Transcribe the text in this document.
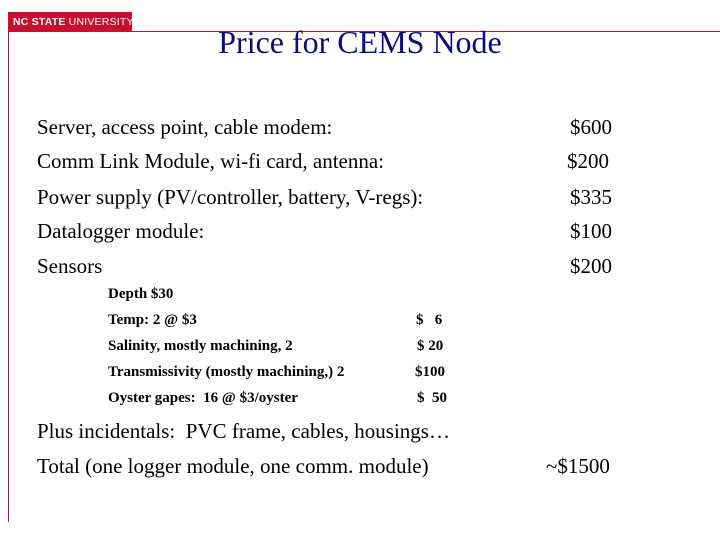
NC STATE UNIVERSITY
Price for CEMS Node
Server, access point, cable modem:	$600
Comm Link Module, wi-fi card, antenna:	$200
Power supply (PV/controller, battery, V-regs):	$335
Datalogger module:	$100
Sensors	$200
Depth $30
Temp: 2 @ $3	$   6
Salinity, mostly machining, 2	$ 20
Transmissivity (mostly machining,) 2	$100
Oyster gapes:  16 @ $3/oyster	$  50
Plus incidentals:  PVC frame, cables, housings…
Total (one logger module, one comm. module)	~$1500
